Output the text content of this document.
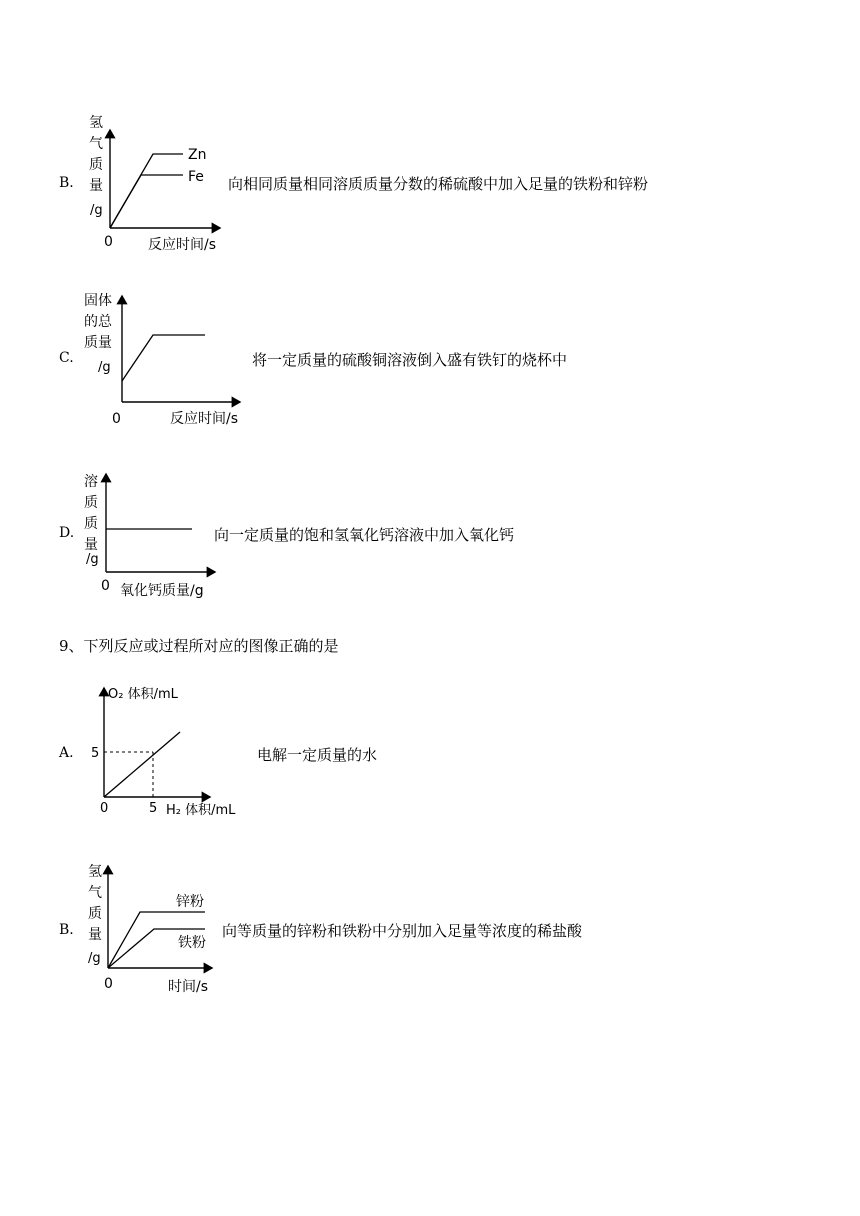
B.
氢
气
质
量
/g
Zn
Fe
0	反应时间/s
向相同质量相同溶质质量分数的稀硫酸中加入足量的铁粉和锌粉
C.
固体
的总
质量
/g
0	反应时间/s
将一定质量的硫酸铜溶液倒入盛有铁钉的烧杯中
D.
溶
质
质
量
/g
0 氧化钙质量/g
向一定质量的饱和氢氧化钙溶液中加入氧化钙
9、下列反应或过程所对应的图像正确的是
A.
O₂ 体积/mL
5
0	5 H₂ 体积/mL
电解一定质量的水
B.
氢
气
质
量
/g
锌粉
铁粉
0	时间/s
向等质量的锌粉和铁粉中分别加入足量等浓度的稀盐酸
